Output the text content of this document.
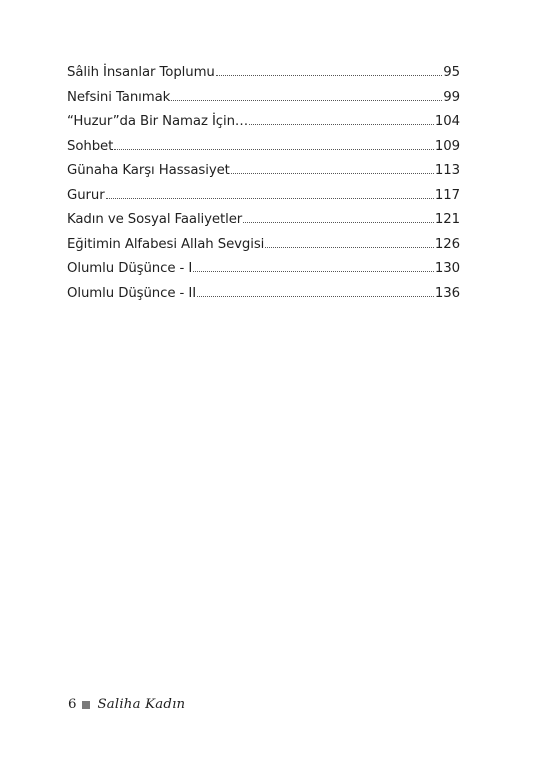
Sâlih İnsanlar Toplumu	95
Nefsini Tanımak	99
“Huzur”da Bir Namaz İçin…	104
Sohbet	109
Günaha Karşı Hassasiyet	113
Gurur	117
Kadın ve Sosyal Faaliyetler	121
Eğitimin Alfabesi Allah Sevgisi	126
Olumlu Düşünce - I	130
Olumlu Düşünce - II	136
6 Saliha Kadın
